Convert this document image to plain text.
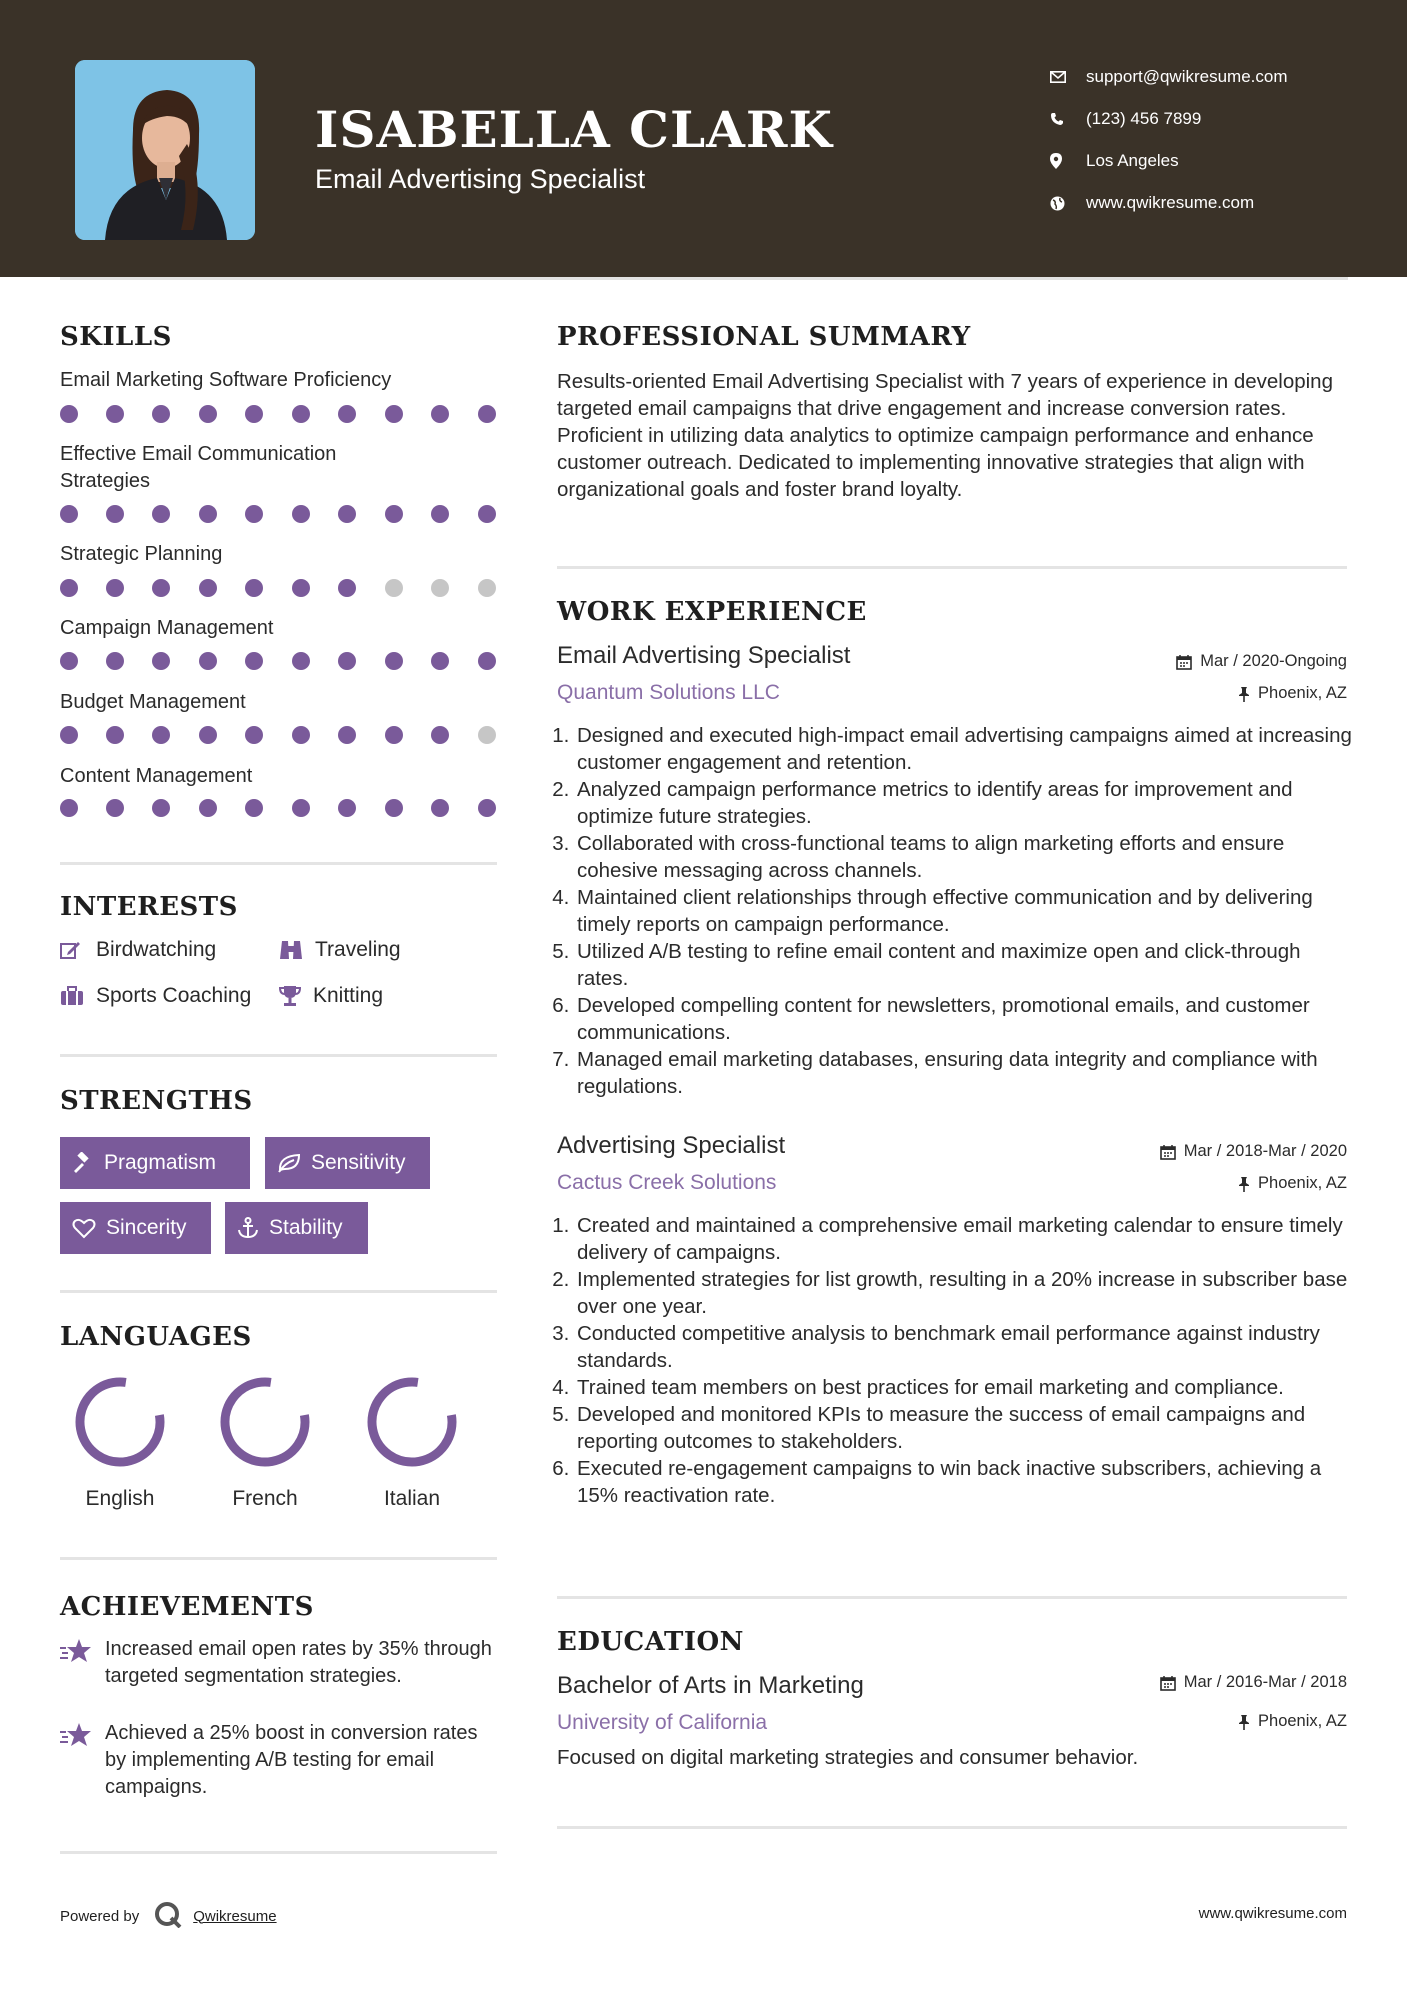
ISABELLA CLARK
Email Advertising Specialist
support@qwikresume.com
(123) 456 7899
Los Angeles
www.qwikresume.com
SKILLS
Email Marketing Software Proficiency
Effective Email Communication Strategies
Strategic Planning
Campaign Management
Budget Management
Content Management
INTERESTS
Birdwatching	Traveling
Sports Coaching	Knitting
STRENGTHS
Pragmatism	Sensitivity
Sincerity	Stability
LANGUAGES
English	French	Italian
ACHIEVEMENTS
Increased email open rates by 35% through targeted segmentation strategies.
Achieved a 25% boost in conversion rates by implementing A/B testing for email campaigns.
PROFESSIONAL SUMMARY
Results-oriented Email Advertising Specialist with 7 years of experience in developing targeted email campaigns that drive engagement and increase conversion rates. Proficient in utilizing data analytics to optimize campaign performance and enhance customer outreach. Dedicated to implementing innovative strategies that align with organizational goals and foster brand loyalty.
WORK EXPERIENCE
Email Advertising Specialist	Mar / 2020-Ongoing
Quantum Solutions LLC	Phoenix, AZ
1. Designed and executed high-impact email advertising campaigns aimed at increasing customer engagement and retention.
2. Analyzed campaign performance metrics to identify areas for improvement and optimize future strategies.
3. Collaborated with cross-functional teams to align marketing efforts and ensure cohesive messaging across channels.
4. Maintained client relationships through effective communication and by delivering timely reports on campaign performance.
5. Utilized A/B testing to refine email content and maximize open and click-through rates.
6. Developed compelling content for newsletters, promotional emails, and customer communications.
7. Managed email marketing databases, ensuring data integrity and compliance with regulations.
Advertising Specialist	Mar / 2018-Mar / 2020
Cactus Creek Solutions	Phoenix, AZ
1. Created and maintained a comprehensive email marketing calendar to ensure timely delivery of campaigns.
2. Implemented strategies for list growth, resulting in a 20% increase in subscriber base over one year.
3. Conducted competitive analysis to benchmark email performance against industry standards.
4. Trained team members on best practices for email marketing and compliance.
5. Developed and monitored KPIs to measure the success of email campaigns and reporting outcomes to stakeholders.
6. Executed re-engagement campaigns to win back inactive subscribers, achieving a 15% reactivation rate.
EDUCATION
Bachelor of Arts in Marketing	Mar / 2016-Mar / 2018
University of California	Phoenix, AZ
Focused on digital marketing strategies and consumer behavior.
Powered by	Qwikresume	www.qwikresume.com
